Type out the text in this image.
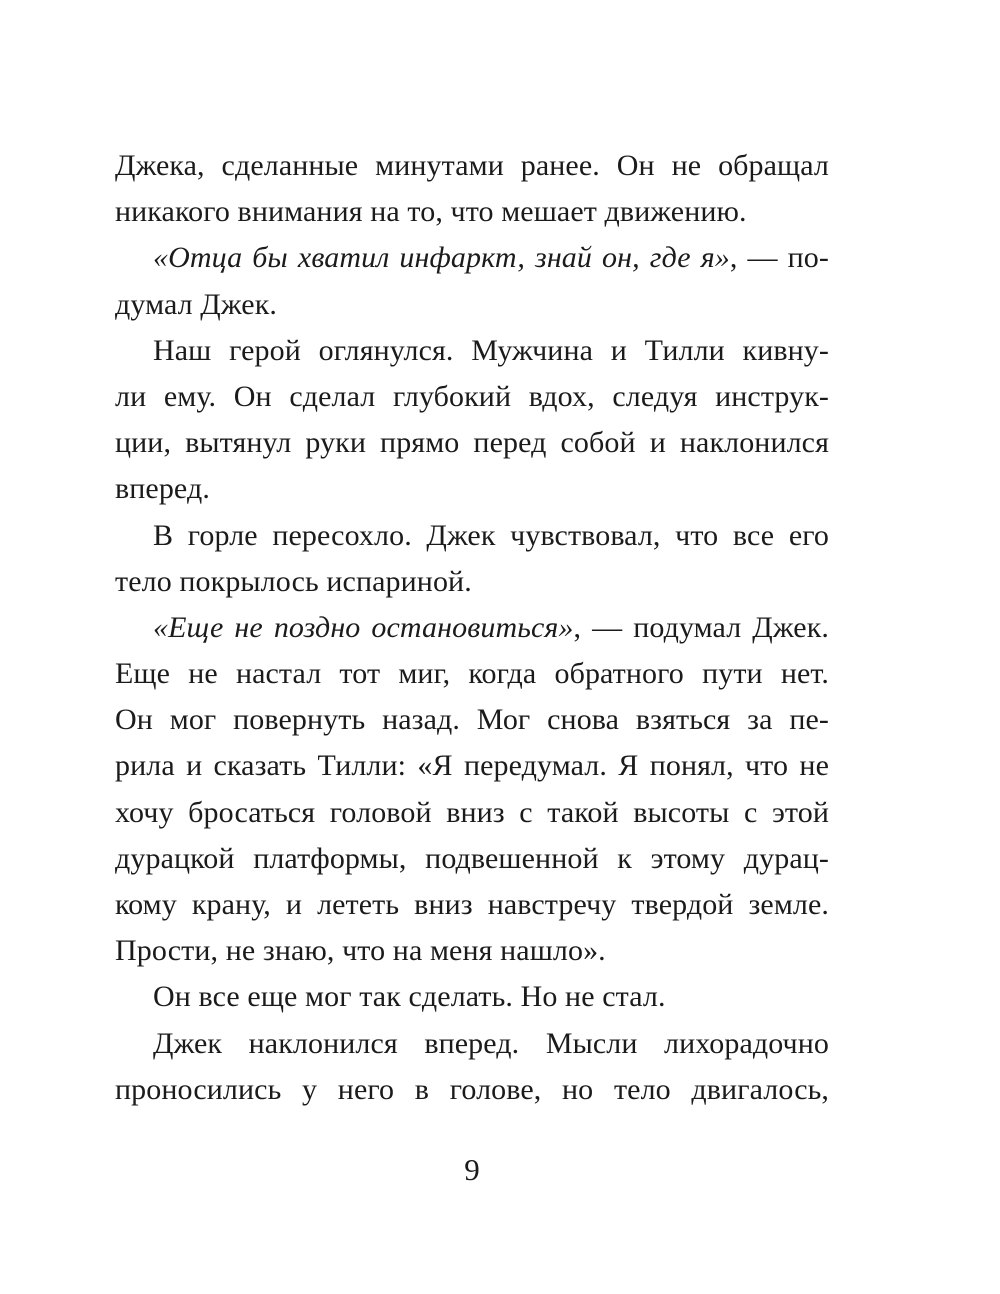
Джека, сделанные минутами ранее. Он не обращал
никакого внимания на то, что мешает движению.
«Отца бы хватил инфаркт, знай он, где я», — по-
думал Джек.
Наш герой оглянулся. Мужчина и Тилли кивну-
ли ему. Он сделал глубокий вдох, следуя инструк-
ции, вытянул руки прямо перед собой и наклонился
вперед.
В горле пересохло. Джек чувствовал, что все его
тело покрылось испариной.
«Еще не поздно остановиться», — подумал Джек.
Еще не настал тот миг, когда обратного пути нет.
Он мог повернуть назад. Мог снова взяться за пе-
рила и сказать Тилли: «Я передумал. Я понял, что не
хочу бросаться головой вниз с такой высоты с этой
дурацкой платформы, подвешенной к этому дурац-
кому крану, и лететь вниз навстречу твердой земле.
Прости, не знаю, что на меня нашло».
Он все еще мог так сделать. Но не стал.
Джек наклонился вперед. Мысли лихорадочно
проносились у него в голове, но тело двигалось,
9
